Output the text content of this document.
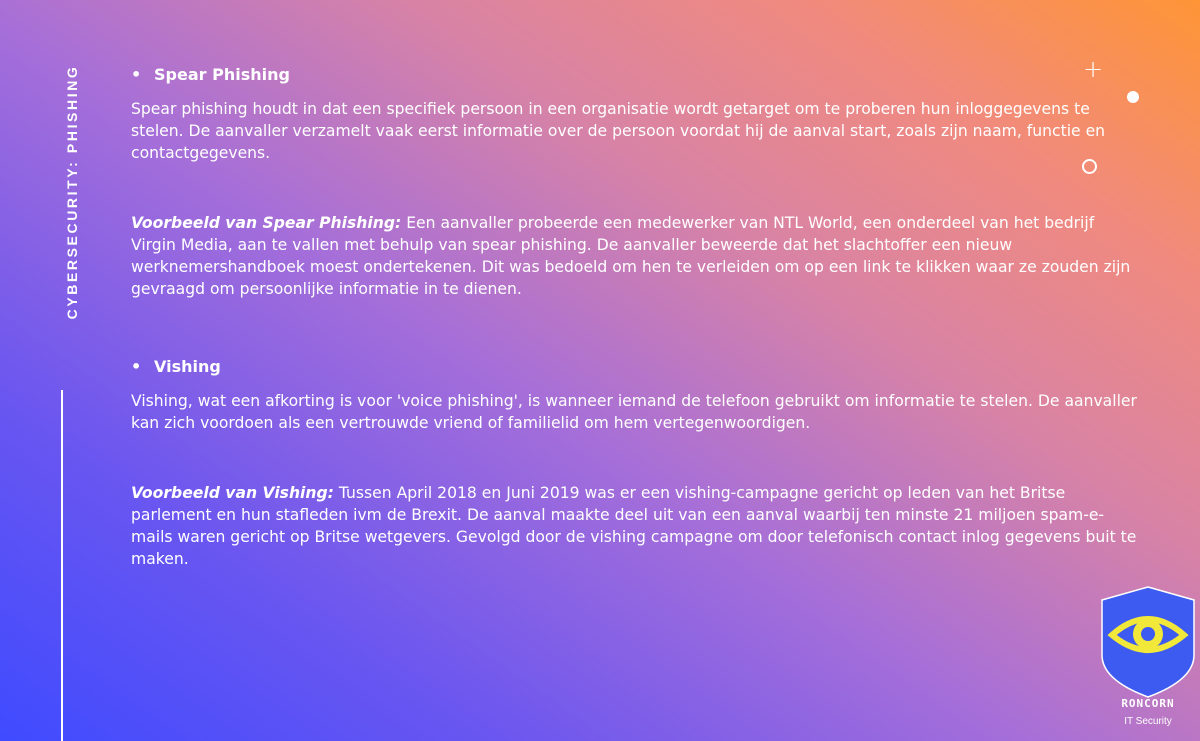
CYBERSECURITY: PHISHING	+
• Spear Phishing

Spear phishing houdt in dat een specifiek persoon in een organisatie wordt getarget om te proberen hun inloggegevens te stelen. De aanvaller verzamelt vaak eerst informatie over de persoon voordat hij de aanval start, zoals zijn naam, functie en contactgegevens.

Voorbeeld van Spear Phishing: Een aanvaller probeerde een medewerker van NTL World, een onderdeel van het bedrijf Virgin Media, aan te vallen met behulp van spear phishing. De aanvaller beweerde dat het slachtoffer een nieuw werknemershandboek moest ondertekenen. Dit was bedoeld om hen te verleiden om op een link te klikken waar ze zouden zijn gevraagd om persoonlijke informatie in te dienen.

• Vishing

Vishing, wat een afkorting is voor 'voice phishing', is wanneer iemand de telefoon gebruikt om informatie te stelen. De aanvaller kan zich voordoen als een vertrouwde vriend of familielid om hem vertegenwoordigen.

Voorbeeld van Vishing: Tussen April 2018 en Juni 2019 was er een vishing-campagne gericht op leden van het Britse parlement en hun stafleden ivm de Brexit. De aanval maakte deel uit van een aanval waarbij ten minste 21 miljoen spam-e-mails waren gericht op Britse wetgevers. Gevolgd door de vishing campagne om door telefonisch contact inlog gegevens buit te maken.

RONCORN
IT Security
